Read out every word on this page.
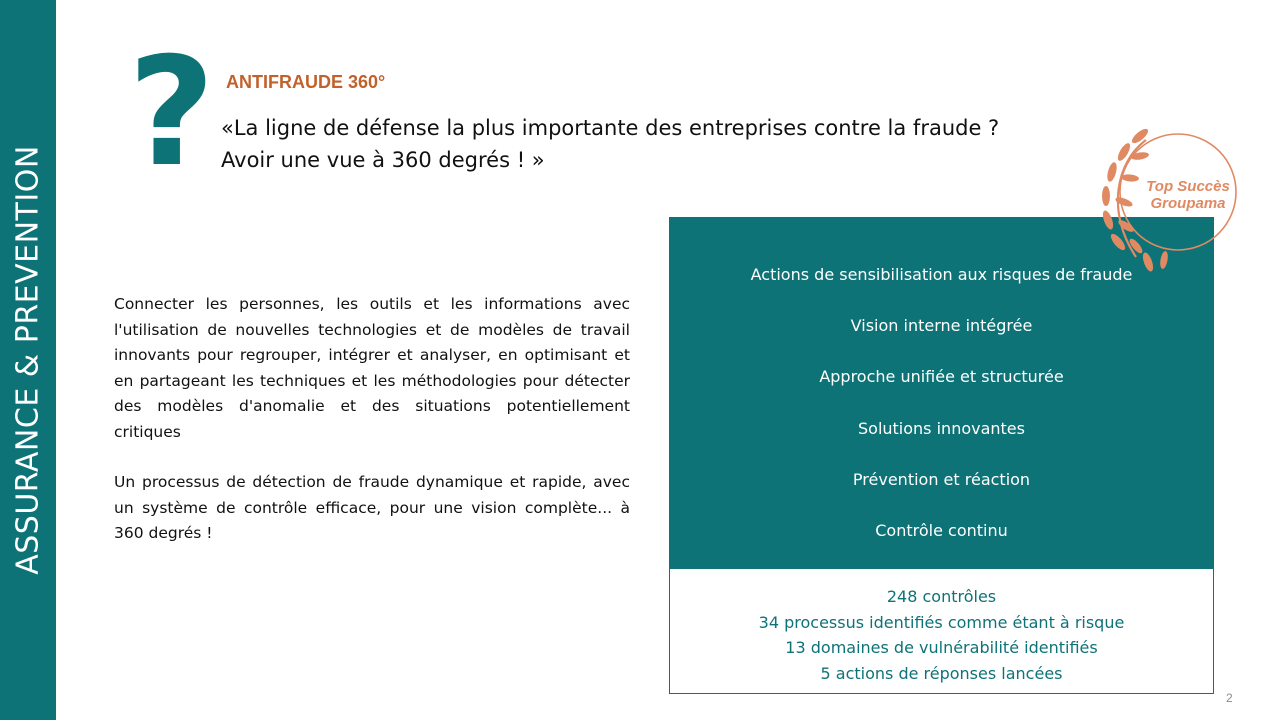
ASSURANCE & PREVENTION
? ANTIFRAUDE 360°
«La ligne de défense la plus importante des entreprises contre la fraude ?
Avoir une vue à 360 degrés ! »

Connecter les personnes, les outils et les informations avec l'utilisation de nouvelles technologies et de modèles de travail innovants pour regrouper, intégrer et analyser, en optimisant et en partageant les techniques et les méthodologies pour détecter des modèles d'anomalie et des situations potentiellement critiques

Un processus de détection de fraude dynamique et rapide, avec un système de contrôle efficace, pour une vision complète... à 360 degrés !

Actions de sensibilisation aux risques de fraude
Vision interne intégrée
Approche unifiée et structurée
Solutions innovantes
Prévention et réaction
Contrôle continu
248 contrôles
34 processus identifiés comme étant à risque
13 domaines de vulnérabilité identifiés
5 actions de réponses lancées
Top Succès
Groupama
2
